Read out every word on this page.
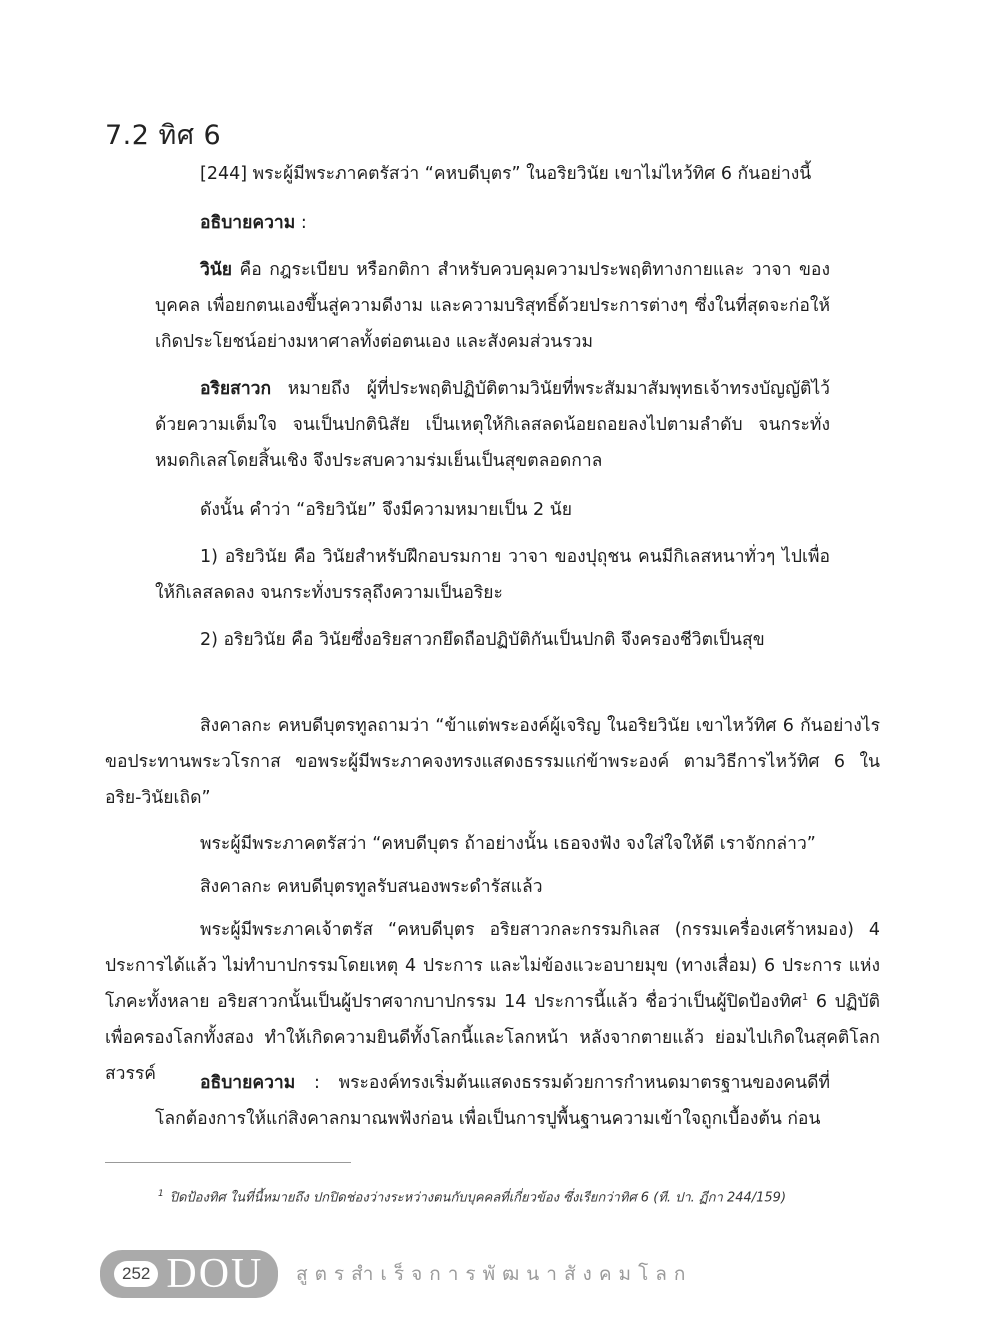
7.2 ทิศ 6

[244] พระผู้มีพระภาคตรัสว่า “คหบดีบุตร” ในอริยวินัย เขาไม่ไหว้ทิศ 6 กันอย่างนี้

อธิบายความ :

วินัย คือ กฎระเบียบ หรือกติกา สำหรับควบคุมความประพฤติทางกายและ วาจา ของบุคคล เพื่อยกตนเองขึ้นสู่ความดีงาม และความบริสุทธิ์ด้วยประการต่างๆ ซึ่งในที่สุดจะก่อให้เกิดประโยชน์อย่างมหาศาลทั้งต่อตนเอง และสังคมส่วนรวม

อริยสาวก หมายถึง ผู้ที่ประพฤติปฏิบัติตามวินัยที่พระสัมมาสัมพุทธเจ้าทรงบัญญัติไว้ด้วยความเต็มใจ จนเป็นปกตินิสัย เป็นเหตุให้กิเลสลดน้อยถอยลงไปตามลำดับ จนกระทั่ง หมดกิเลสโดยสิ้นเชิง จึงประสบความร่มเย็นเป็นสุขตลอดกาล

ดังนั้น คำว่า “อริยวินัย” จึงมีความหมายเป็น 2 นัย

1) อริยวินัย คือ วินัยสำหรับฝึกอบรมกาย วาจา ของปุถุชน คนมีกิเลสหนาทั่วๆ ไปเพื่อให้กิเลสลดลง จนกระทั่งบรรลุถึงความเป็นอริยะ

2) อริยวินัย คือ วินัยซึ่งอริยสาวกยึดถือปฏิบัติกันเป็นปกติ จึงครองชีวิตเป็นสุข

สิงคาลกะ คหบดีบุตรทูลถามว่า “ข้าแต่พระองค์ผู้เจริญ ในอริยวินัย เขาไหว้ทิศ 6 กันอย่างไร ขอประทานพระวโรกาส ขอพระผู้มีพระภาคจงทรงแสดงธรรมแก่ข้าพระองค์ ตามวิธีการไหว้ทิศ 6 ในอริย-วินัยเถิด”

พระผู้มีพระภาคตรัสว่า “คหบดีบุตร ถ้าอย่างนั้น เธอจงฟัง จงใส่ใจให้ดี เราจักกล่าว”

สิงคาลกะ คหบดีบุตรทูลรับสนองพระดำรัสแล้ว

พระผู้มีพระภาคเจ้าตรัส “คหบดีบุตร อริยสาวกละกรรมกิเลส (กรรมเครื่องเศร้าหมอง) 4 ประการได้แล้ว ไม่ทำบาปกรรมโดยเหตุ 4 ประการ และไม่ข้องแวะอบายมุข (ทางเสื่อม) 6 ประการ แห่งโภคะทั้งหลาย อริยสาวกนั้นเป็นผู้ปราศจากบาปกรรม 14 ประการนี้แล้ว ชื่อว่าเป็นผู้ปิดป้องทิศ$^1$ 6 ปฏิบัติเพื่อครองโลกทั้งสอง ทำให้เกิดความยินดีทั้งโลกนี้และโลกหน้า หลังจากตายแล้ว ย่อมไปเกิดในสุคติโลกสวรรค์	อธิบายความ : พระองค์ทรงเริ่มต้นแสดงธรรมด้วยการกำหนดมาตรฐานของคนดีที่โลกต้องการให้แก่สิงคาลกมาณพฟังก่อน เพื่อเป็นการปูพื้นฐานความเข้าใจถูกเบื้องต้น ก่อน

$^1$ ปิดป้องทิศ ในที่นี้หมายถึง ปกปิดช่องว่างระหว่างตนกับบุคคลที่เกี่ยวข้อง ซึ่งเรียกว่าทิศ 6 (ที. ปา. ฏีกา 244/159)
252 DOU สูตรสำเร็จการพัฒนาสังคมโลก
